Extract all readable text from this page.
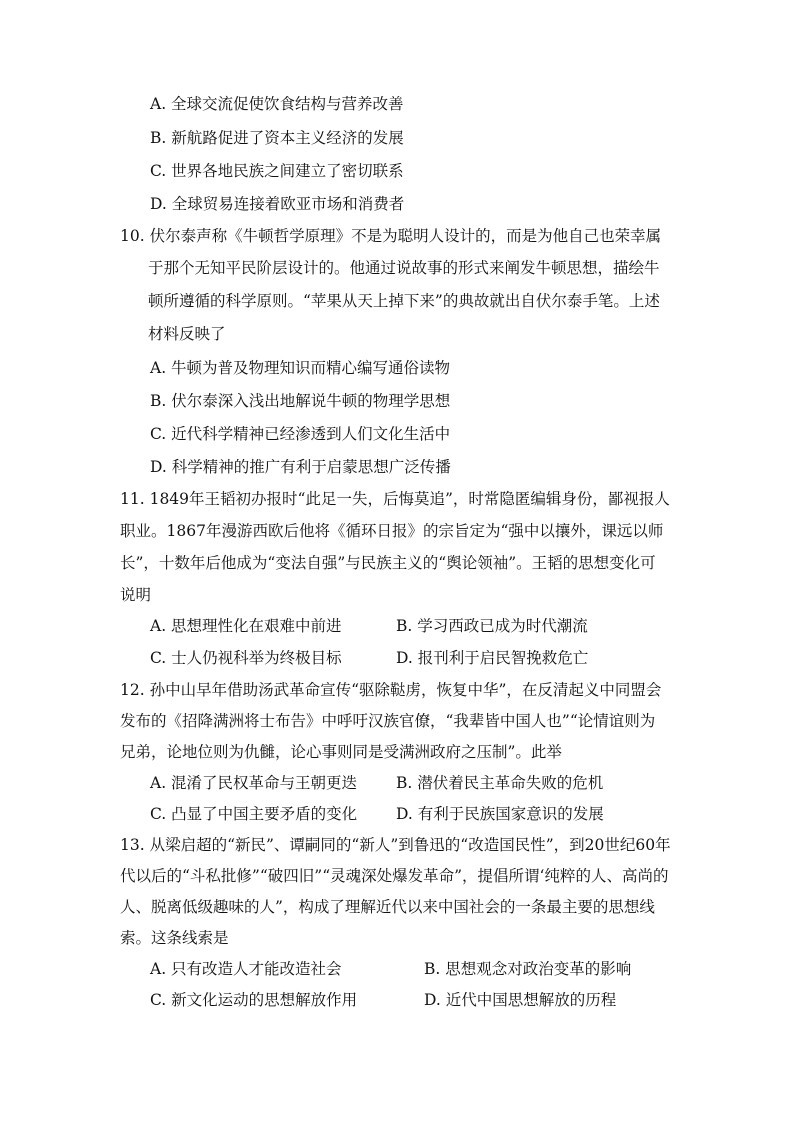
A. 全球交流促使饮食结构与营养改善
B. 新航路促进了资本主义经济的发展
C. 世界各地民族之间建立了密切联系
D. 全球贸易连接着欧亚市场和消费者
10. 伏尔泰声称《牛顿哲学原理》不是为聪明人设计的，而是为他自己也荣幸属
于那个无知平民阶层设计的。他通过说故事的形式来阐发牛顿思想，描绘牛
顿所遵循的科学原则。“苹果从天上掉下来”的典故就出自伏尔泰手笔。上述
材料反映了
A. 牛顿为普及物理知识而精心编写通俗读物
B. 伏尔泰深入浅出地解说牛顿的物理学思想
C. 近代科学精神已经渗透到人们文化生活中
D. 科学精神的推广有利于启蒙思想广泛传播
11. 1849年王韬初办报时“此足一失，后悔莫追”，时常隐匿编辑身份，鄙视报人
职业。1867年漫游西欧后他将《循环日报》的宗旨定为“强中以攘外，课远以师
长”，十数年后他成为“变法自强”与民族主义的“舆论领袖”。王韬的思想变化可
说明
A. 思想理性化在艰难中前进	B. 学习西政已成为时代潮流
C. 士人仍视科举为终极目标	D. 报刊利于启民智挽救危亡
12. 孙中山早年借助汤武革命宣传“驱除鞑虏，恢复中华”，在反清起义中同盟会
发布的《招降满洲将士布告》中呼吁汉族官僚，“我辈皆中国人也”“论情谊则为
兄弟，论地位则为仇雠，论心事则同是受满洲政府之压制”。此举
A. 混淆了民权革命与王朝更迭	B. 潜伏着民主革命失败的危机
C. 凸显了中国主要矛盾的变化	D. 有利于民族国家意识的发展
13. 从梁启超的“新民”、谭嗣同的“新人”到鲁迅的“改造国民性”，到20世纪60年
代以后的“斗私批修”“破四旧”“灵魂深处爆发革命”，提倡所谓‘纯粹的人、高尚的
人、脱离低级趣味的人”，构成了理解近代以来中国社会的一条最主要的思想线
索。这条线索是
A. 只有改造人才能改造社会	B. 思想观念对政治变革的影响
C. 新文化运动的思想解放作用	D. 近代中国思想解放的历程
